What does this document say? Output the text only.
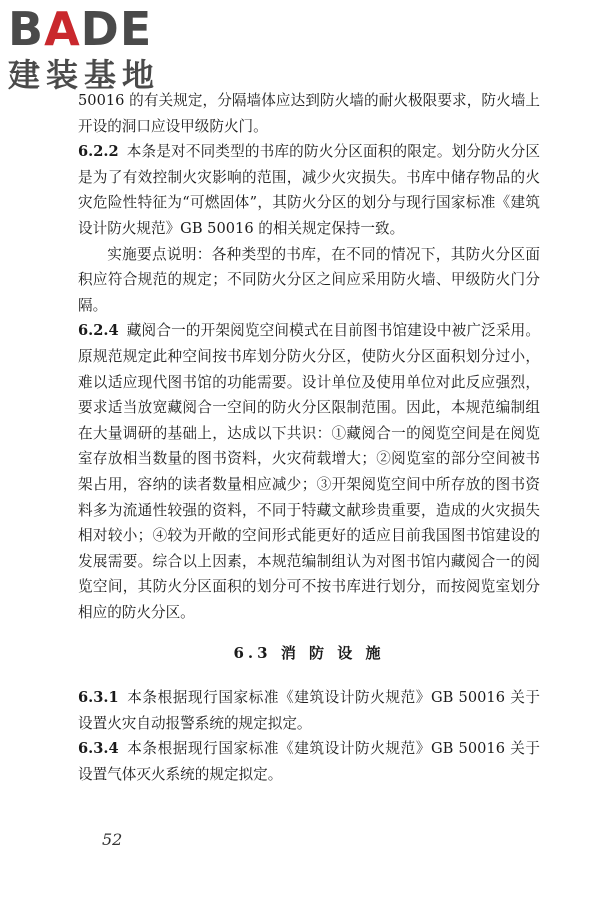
BADE
建装基地

50016 的有关规定，分隔墙体应达到防火墙的耐火极限要求，防火墙上开设的洞口应设甲级防火门。

6.2.2 本条是对不同类型的书库的防火分区面积的限定。划分防火分区是为了有效控制火灾影响的范围，减少火灾损失。书库中储存物品的火灾危险性特征为“可燃固体”，其防火分区的划分与现行国家标准《建筑设计防火规范》GB 50016 的相关规定保持一致。

实施要点说明：各种类型的书库，在不同的情况下，其防火分区面积应符合规范的规定；不同防火分区之间应采用防火墙、甲级防火门分隔。

6.2.4 藏阅合一的开架阅览空间模式在目前图书馆建设中被广泛采用。原规范规定此种空间按书库划分防火分区，使防火分区面积划分过小，难以适应现代图书馆的功能需要。设计单位及使用单位对此反应强烈，要求适当放宽藏阅合一空间的防火分区限制范围。因此，本规范编制组在大量调研的基础上，达成以下共识：①藏阅合一的阅览空间是在阅览室存放相当数量的图书资料，火灾荷载增大；②阅览室的部分空间被书架占用，容纳的读者数量相应减少；③开架阅览空间中所存放的图书资料多为流通性较强的资料，不同于特藏文献珍贵重要，造成的火灾损失相对较小；④较为开敞的空间形式能更好的适应目前我国图书馆建设的发展需要。综合以上因素，本规范编制组认为对图书馆内藏阅合一的阅览空间，其防火分区面积的划分可不按书库进行划分，而按阅览室划分相应的防火分区。

6.3 消 防 设 施

6.3.1 本条根据现行国家标准《建筑设计防火规范》GB 50016 关于设置火灾自动报警系统的规定拟定。

6.3.4 本条根据现行国家标准《建筑设计防火规范》GB 50016 关于设置气体灭火系统的规定拟定。

52
